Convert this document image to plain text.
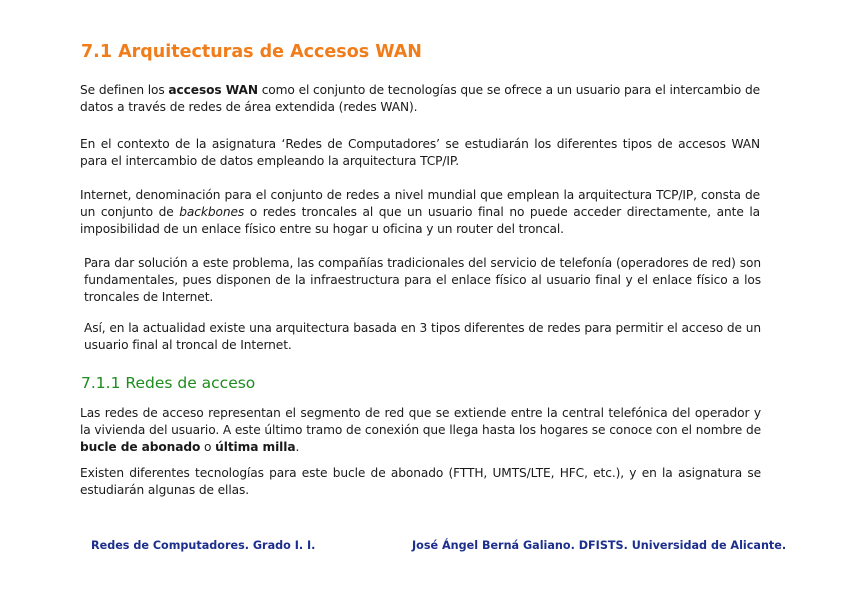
7.1 Arquitecturas de Accesos WAN

Se definen los accesos WAN como el conjunto de tecnologías que se ofrece a un usuario para el intercambio de datos a través de redes de área extendida (redes WAN).

En el contexto de la asignatura ‘Redes de Computadores’ se estudiarán los diferentes tipos de accesos WAN para el intercambio de datos empleando la arquitectura TCP/IP.

Internet, denominación para el conjunto de redes a nivel mundial que emplean la arquitectura TCP/IP, consta de un conjunto de backbones o redes troncales al que un usuario final no puede acceder directamente, ante la imposibilidad de un enlace físico entre su hogar u oficina y un router del troncal.

Para dar solución a este problema, las compañías tradicionales del servicio de telefonía (operadores de red) son fundamentales, pues disponen de la infraestructura para el enlace físico al usuario final y el enlace físico a los troncales de Internet.

Así, en la actualidad existe una arquitectura basada en 3 tipos diferentes de redes para permitir el acceso de un usuario final al troncal de Internet.

7.1.1 Redes de acceso

Las redes de acceso representan el segmento de red que se extiende entre la central telefónica del operador y la vivienda del usuario. A este último tramo de conexión que llega hasta los hogares se conoce con el nombre de bucle de abonado o última milla.

Existen diferentes tecnologías para este bucle de abonado (FTTH, UMTS/LTE, HFC, etc.), y en la asignatura se estudiarán algunas de ellas.

Redes de Computadores. Grado I. I.	José Ángel Berná Galiano. DFISTS. Universidad de Alicante.
